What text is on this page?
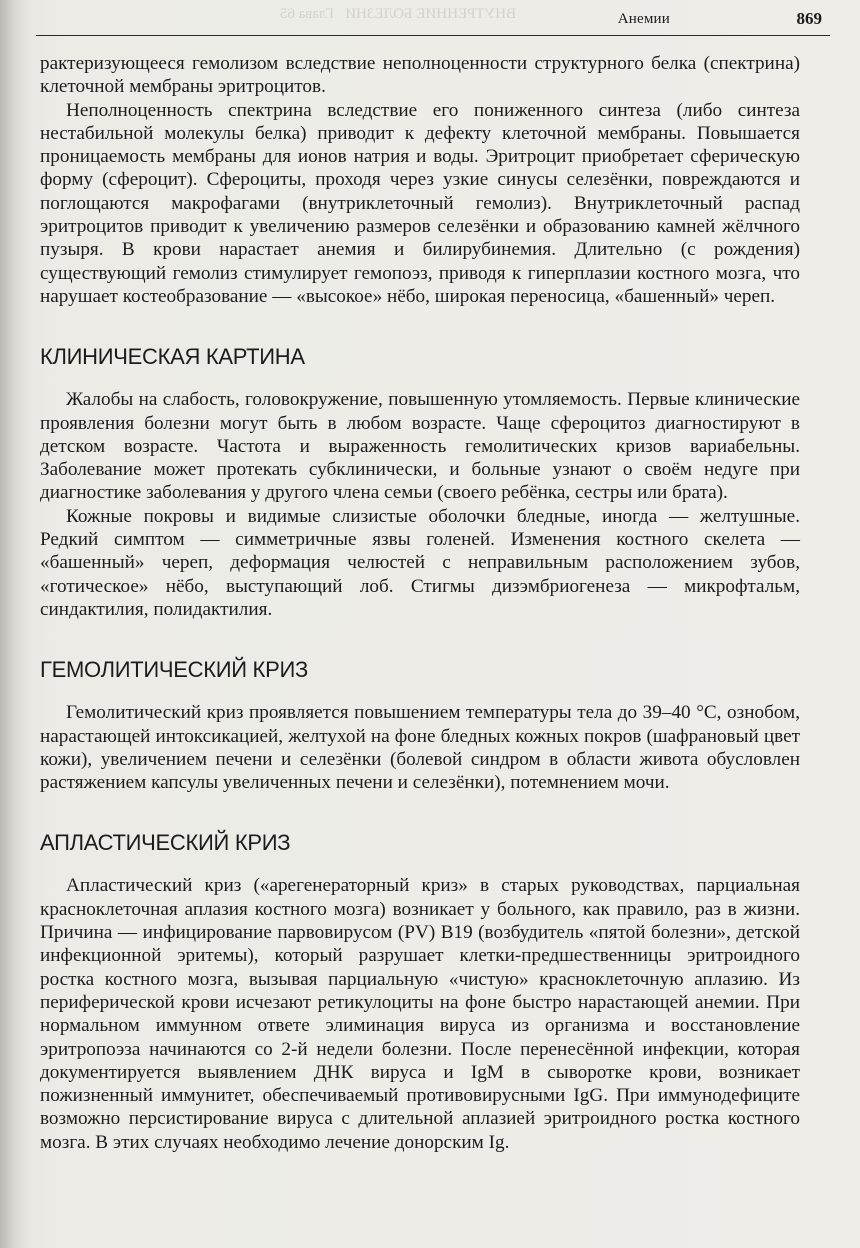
ВНУТРЕННИЕ БОЛЕЗНИ   Глава 65	Анемии	869

рактеризующееся гемолизом вследствие неполноценности структурного белка (спектрина) клеточной мембраны эритроцитов.

Неполноценность спектрина вследствие его пониженного синтеза (либо синтеза нестабильной молекулы белка) приводит к дефекту клеточной мембраны. Повышается проницаемость мембраны для ионов натрия и воды. Эритроцит приобретает сферическую форму (сфероцит). Сфероциты, проходя через узкие синусы селезёнки, повреждаются и поглощаются макрофагами (внутриклеточный гемолиз). Внутриклеточный распад эритроцитов приводит к увеличению размеров селезёнки и образованию камней жёлчного пузыря. В крови нарастает анемия и билирубинемия. Длительно (с рождения) существующий гемолиз стимулирует гемопоэз, приводя к гиперплазии костного мозга, что нарушает костеобразование — «высокое» нёбо, широкая переносица, «башенный» череп.

КЛИНИЧЕСКАЯ КАРТИНА

Жалобы на слабость, головокружение, повышенную утомляемость. Первые клинические проявления болезни могут быть в любом возрасте. Чаще сфероцитоз диагностируют в детском возрасте. Частота и выраженность гемолитических кризов вариабельны. Заболевание может протекать субклинически, и больные узнают о своём недуге при диагностике заболевания у другого члена семьи (своего ребёнка, сестры или брата).

Кожные покровы и видимые слизистые оболочки бледные, иногда — желтушные. Редкий симптом — симметричные язвы голеней. Изменения костного скелета — «башенный» череп, деформация челюстей с неправильным расположением зубов, «готическое» нёбо, выступающий лоб. Стигмы дизэмбриогенеза — микрофтальм, синдактилия, полидактилия.

ГЕМОЛИТИЧЕСКИЙ КРИЗ

Гемолитический криз проявляется повышением температуры тела до 39–40 °С, ознобом, нарастающей интоксикацией, желтухой на фоне бледных кожных покров (шафрановый цвет кожи), увеличением печени и селезёнки (болевой синдром в области живота обусловлен растяжением капсулы увеличенных печени и селезёнки), потемнением мочи.

АПЛАСТИЧЕСКИЙ КРИЗ

Апластический криз («арегенераторный криз» в старых руководствах, парциальная красноклеточная аплазия костного мозга) возникает у больного, как правило, раз в жизни. Причина — инфицирование парвовирусом (PV) B19 (возбудитель «пятой болезни», детской инфекционной эритемы), который разрушает клетки-предшественницы эритроидного ростка костного мозга, вызывая парциальную «чистую» красноклеточную аплазию. Из периферической крови исчезают ретикулоциты на фоне быстро нарастающей анемии. При нормальном иммунном ответе элиминация вируса из организма и восстановление эритропоэза начинаются со 2-й недели болезни. После перенесённой инфекции, которая документируется выявлением ДНК вируса и IgM в сыворотке крови, возникает пожизненный иммунитет, обеспечиваемый противовирусными IgG. При иммунодефиците возможно персистирование вируса с длительной аплазией эритроидного ростка костного мозга. В этих случаях необходимо лечение донорским Ig.
